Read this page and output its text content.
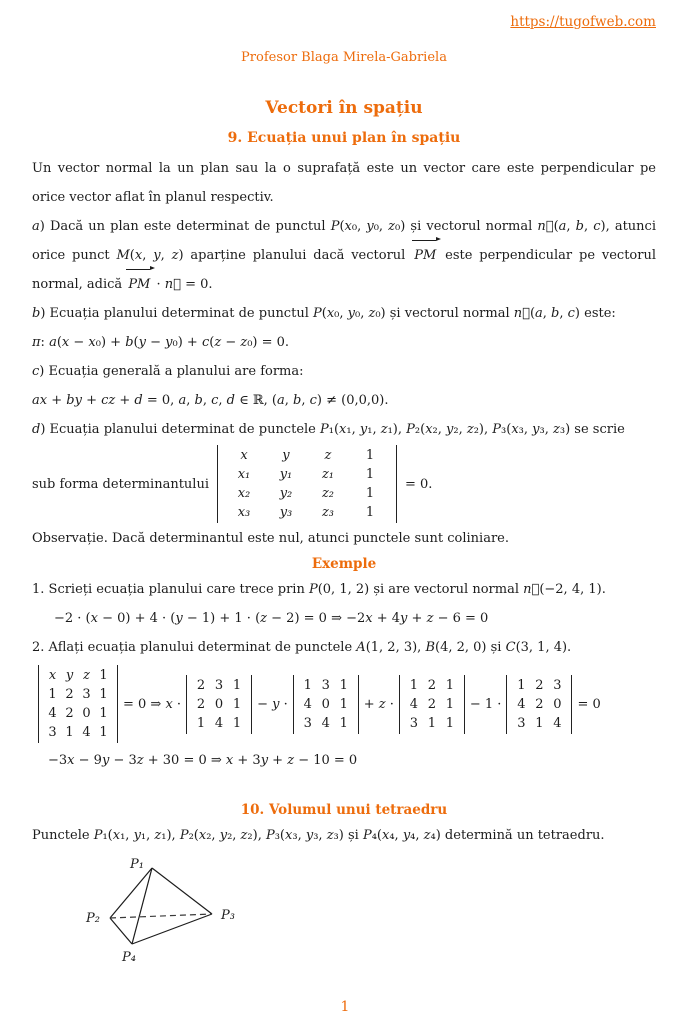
https://tugofweb.com
Profesor Blaga Mirela-Gabriela
Vectori în spațiu
9. Ecuația unui plan în spațiu

Un vector normal la un plan sau la o suprafață este un vector care este perpendicular pe orice vector aflat în planul respectiv.

a) Dacă un plan este determinat de punctul P(x₀, y₀, z₀) și vectorul normal n⃗(a, b, c), atunci orice punct M(x, y, z) aparține planului dacă vectorul PM este perpendicular pe vectorul normal, adică PM · n⃗ = 0.

b) Ecuația planului determinat de punctul P(x₀, y₀, z₀) și vectorul normal n⃗(a, b, c) este:

π: a(x − x₀) + b(y − y₀) + c(z − z₀) = 0.

c) Ecuația generală a planului are forma:

ax + by + cz + d = 0, a, b, c, d ∈ ℝ, (a, b, c) ≠ (0,0,0).

d) Ecuația planului determinat de punctele P₁(x₁, y₁, z₁), P₂(x₂, y₂, z₂), P₃(x₃, y₃, z₃) se scrie

sub forma determinantului
x	y	z	1
x₁	y₁	z₁	1
x₂	y₂	z₂	1
x₃	y₃	z₃	1
= 0.

Observație. Dacă determinantul este nul, atunci punctele sunt coliniare.

Exemple

1. Scrieți ecuația planului care trece prin P(0, 1, 2) și are vectorul normal n⃗(−2, 4, 1).

−2 · (x − 0) + 4 · (y − 1) + 1 · (z − 2) = 0 ⇒ −2x + 4y + z − 6 = 0

2. Aflați ecuația planului determinat de punctele A(1, 2, 3), B(4, 2, 0) și C(3, 1, 4).

x y z 1
1 2 3 1
4 2 0 1
3 1 4 1
= 0 ⇒ x ·
2 3 1
2 0 1
1 4 1
− y ·
1 3 1
4 0 1
3 4 1
+ z ·
1 2 1
4 2 1
3 1 1
− 1 ·
1 2 3
4 2 0
3 1 4
= 0

−3x − 9y − 3z + 30 = 0 ⇒ x + 3y + z − 10 = 0

10. Volumul unui tetraedru

Punctele P₁(x₁, y₁, z₁), P₂(x₂, y₂, z₂), P₃(x₃, y₃, z₃) și P₄(x₄, y₄, z₄) determină un tetraedru.

P₁
P₂	P₃
P₄
1
